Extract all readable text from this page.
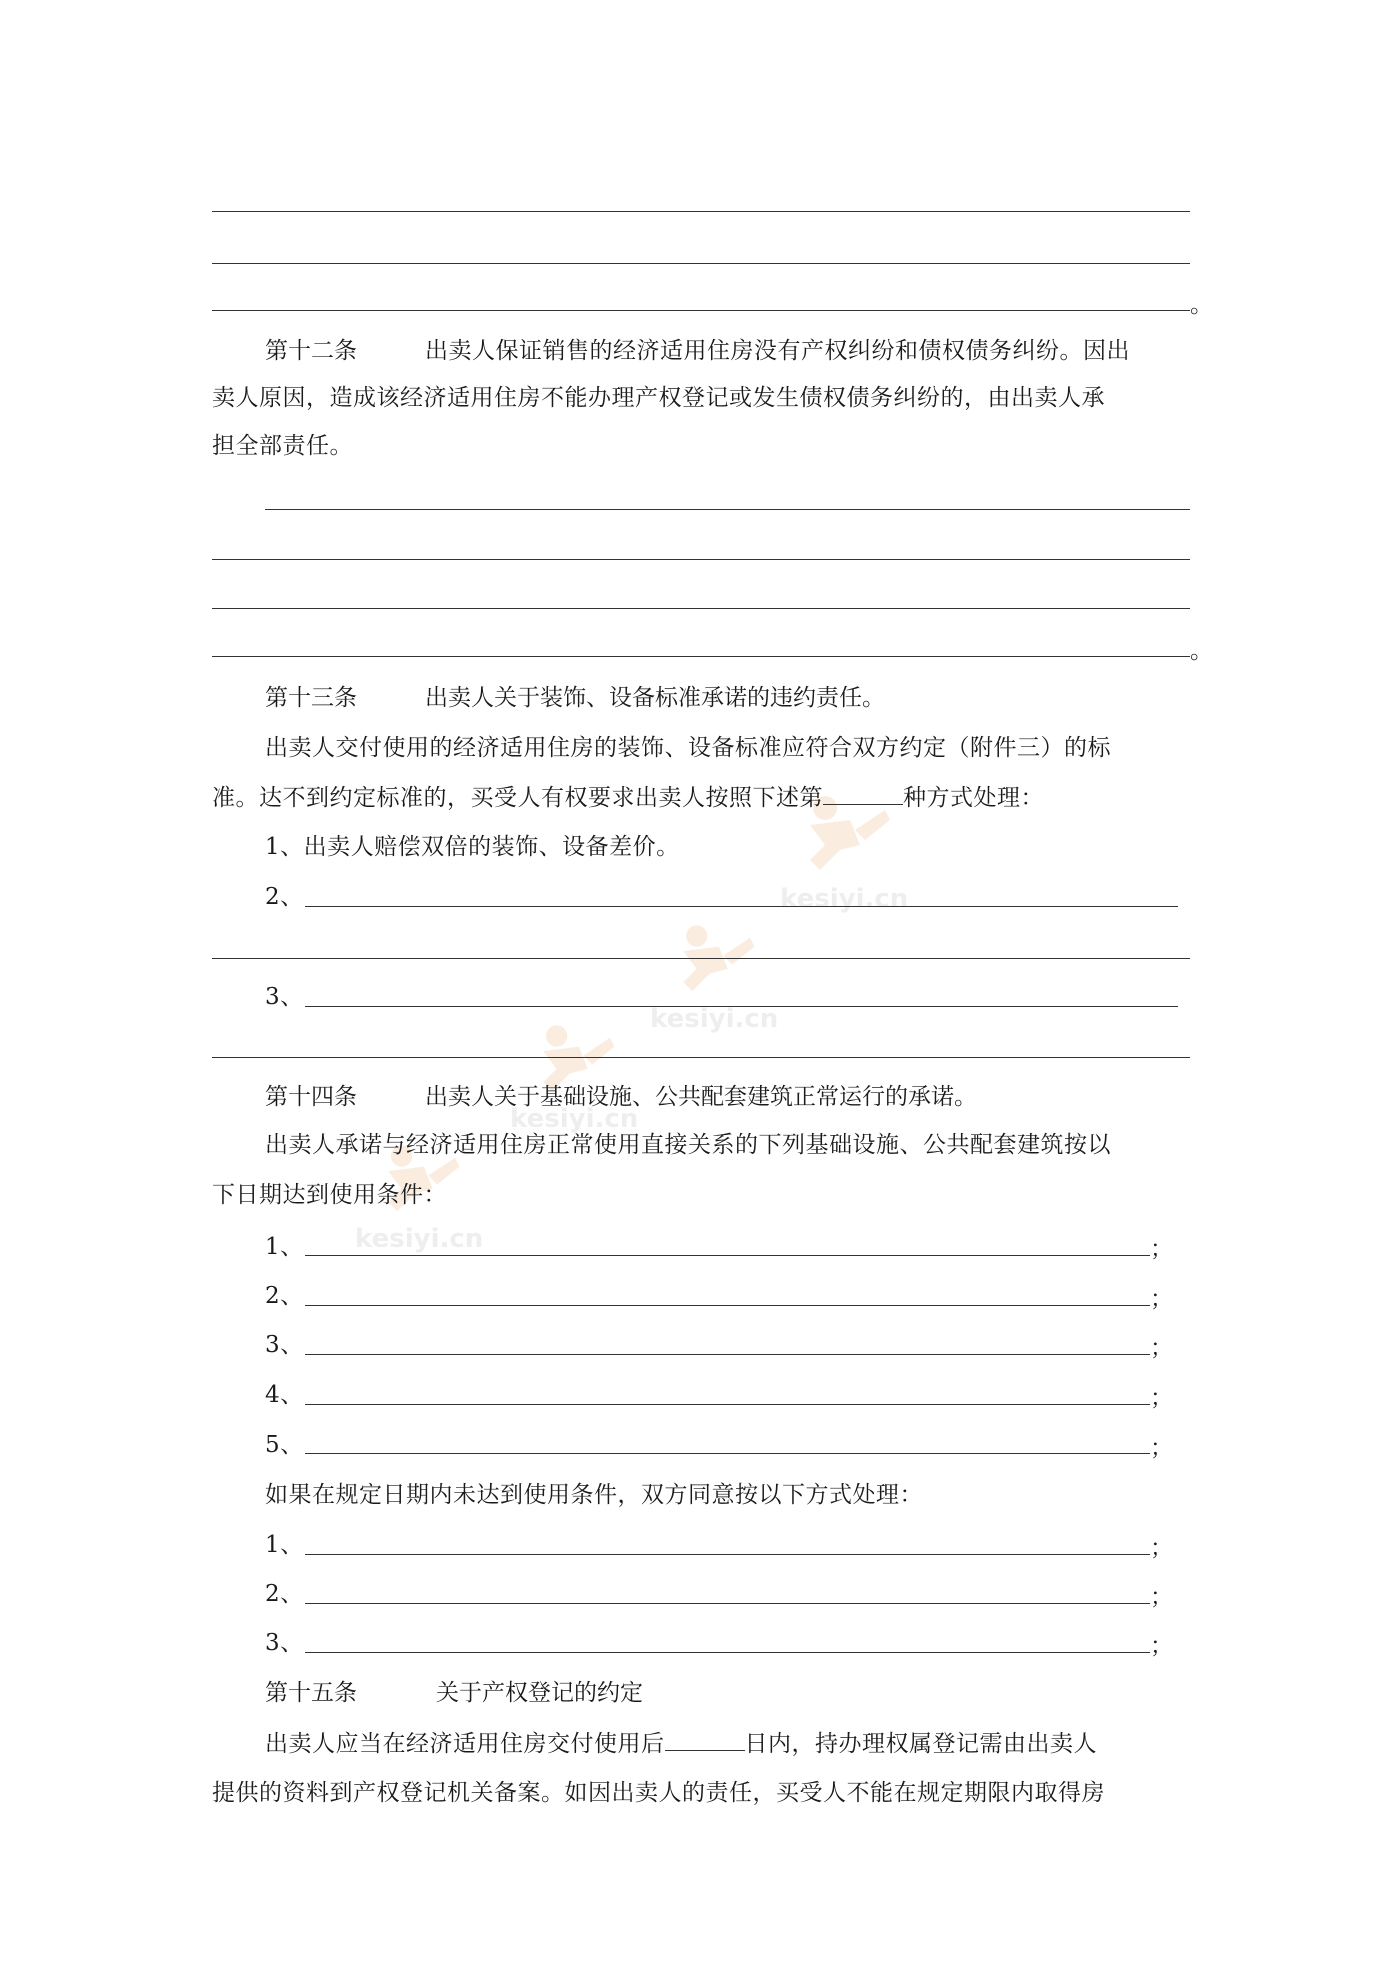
kesiyi.cn
kesiyi.cn
kesiyi.cn
kesiyi.cn
。
第十二条	出卖人保证销售的经济适用住房没有产权纠纷和债权债务纠纷。因出
卖人原因，造成该经济适用住房不能办理产权登记或发生债权债务纠纷的，由出卖人承
担全部责任。
。
第十三条	出卖人关于装饰、设备标准承诺的违约责任。
出卖人交付使用的经济适用住房的装饰、设备标准应符合双方约定（附件三）的标
准。达不到约定标准的，买受人有权要求出卖人按照下述第	种方式处理：
1、出卖人赔偿双倍的装饰、设备差价。
2、
3、
第十四条	出卖人关于基础设施、公共配套建筑正常运行的承诺。
出卖人承诺与经济适用住房正常使用直接关系的下列基础设施、公共配套建筑按以
下日期达到使用条件：
1、	；
2、	；
3、	；
4、	；
5、	；
如果在规定日期内未达到使用条件，双方同意按以下方式处理：
1、	；
2、	；
3、	；
第十五条	关于产权登记的约定
出卖人应当在经济适用住房交付使用后	日内，持办理权属登记需由出卖人
提供的资料到产权登记机关备案。如因出卖人的责任，买受人不能在规定期限内取得房
